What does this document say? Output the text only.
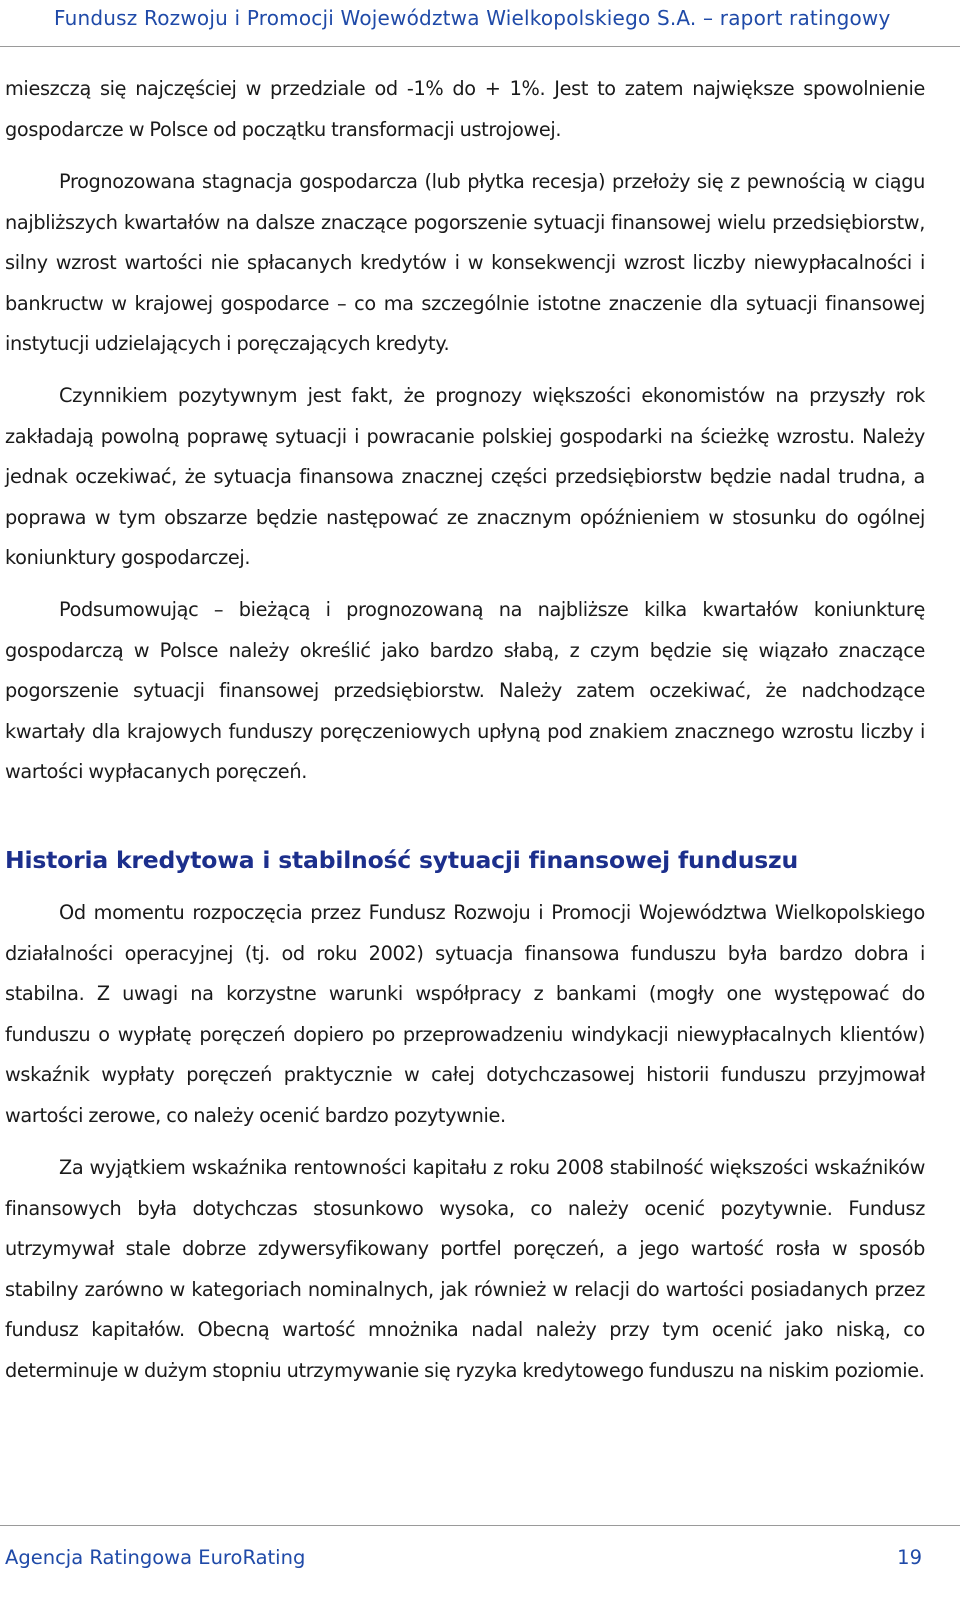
Fundusz Rozwoju i Promocji Województwa Wielkopolskiego S.A. – raport ratingowy

mieszczą się najczęściej w przedziale od -1% do + 1%. Jest to zatem największe spowolnienie gospodarcze w Polsce od początku transformacji ustrojowej.

Prognozowana stagnacja gospodarcza (lub płytka recesja) przełoży się z pewnością w ciągu najbliższych kwartałów na dalsze znaczące pogorszenie sytuacji finansowej wielu przedsiębiorstw, silny wzrost wartości nie spłacanych kredytów i w konsekwencji wzrost liczby niewypłacalności i bankructw w krajowej gospodarce – co ma szczególnie istotne znaczenie dla sytuacji finansowej instytucji udzielających i poręczających kredyty.

Czynnikiem pozytywnym jest fakt, że prognozy większości ekonomistów na przyszły rok zakładają powolną poprawę sytuacji i powracanie polskiej gospodarki na ścieżkę wzrostu. Należy jednak oczekiwać, że sytuacja finansowa znacznej części przedsiębiorstw będzie nadal trudna, a poprawa w tym obszarze będzie następować ze znacznym opóźnieniem w stosunku do ogólnej koniunktury gospodarczej.

Podsumowując – bieżącą i prognozowaną na najbliższe kilka kwartałów koniunkturę gospodarczą w Polsce należy określić jako bardzo słabą, z czym będzie się wiązało znaczące pogorszenie sytuacji finansowej przedsiębiorstw. Należy zatem oczekiwać, że nadchodzące kwartały dla krajowych funduszy poręczeniowych upłyną pod znakiem znacznego wzrostu liczby i wartości wypłacanych poręczeń.

Historia kredytowa i stabilność sytuacji finansowej funduszu

Od momentu rozpoczęcia przez Fundusz Rozwoju i Promocji Województwa Wielkopolskiego działalności operacyjnej (tj. od roku 2002) sytuacja finansowa funduszu była bardzo dobra i stabilna. Z uwagi na korzystne warunki współpracy z bankami (mogły one występować do funduszu o wypłatę poręczeń dopiero po przeprowadzeniu windykacji niewypłacalnych klientów) wskaźnik wypłaty poręczeń praktycznie w całej dotychczasowej historii funduszu przyjmował wartości zerowe, co należy ocenić bardzo pozytywnie.

Za wyjątkiem wskaźnika rentowności kapitału z roku 2008 stabilność większości wskaźników finansowych była dotychczas stosunkowo wysoka, co należy ocenić pozytywnie. Fundusz utrzymywał stale dobrze zdywersyfikowany portfel poręczeń, a jego wartość rosła w sposób stabilny zarówno w kategoriach nominalnych, jak również w relacji do wartości posiadanych przez fundusz kapitałów. Obecną wartość mnożnika nadal należy przy tym ocenić jako niską, co determinuje w dużym stopniu utrzymywanie się ryzyka kredytowego funduszu na niskim poziomie.

Agencja Ratingowa EuroRating	19
